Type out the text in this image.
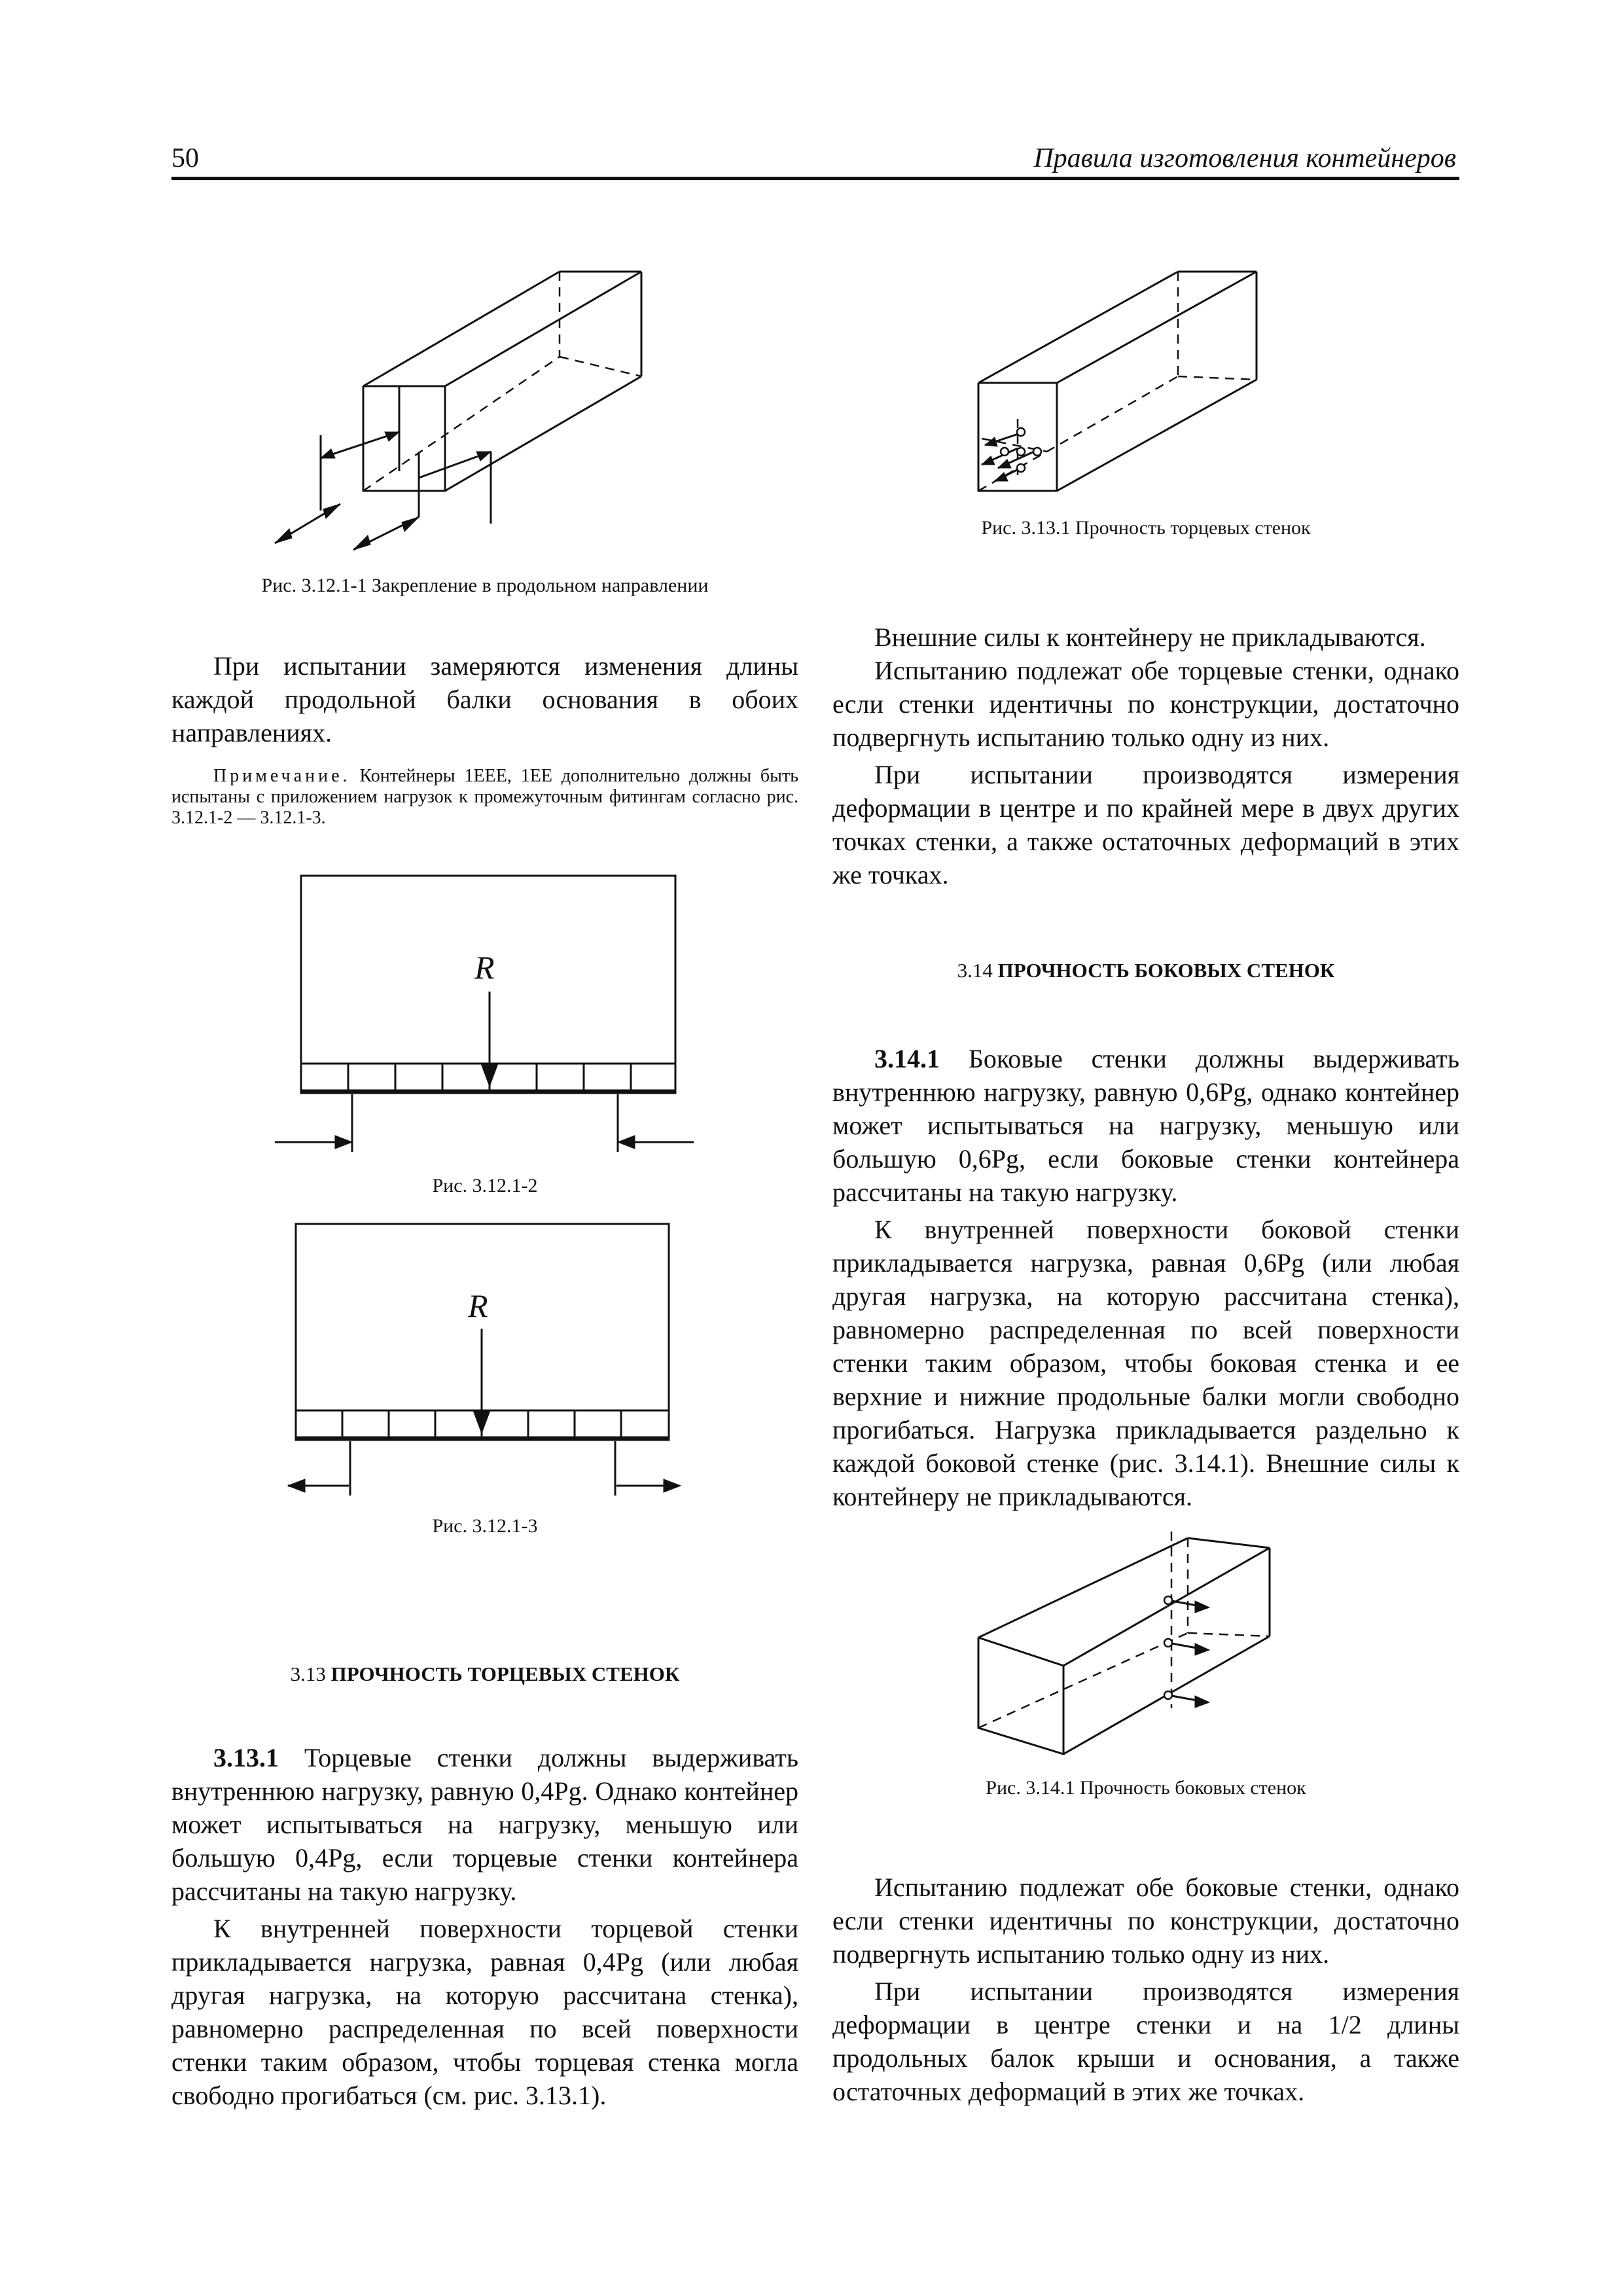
50	Правила изготовления контейнеров
Рис. 3.12.1-1 Закрепление в продольном направлении
Рис. 3.13.1 Прочность торцевых стенок

При испытании замеряются изменения длины каждой продольной балки основания в обоих направлениях.

Примечание. Контейнеры 1ЕЕЕ, 1ЕЕ дополнительно должны быть испытаны с приложением нагрузок к промежуточным фитингам согласно рис. 3.12.1-2 — 3.12.1-3.
R
Рис. 3.12.1-2
R
Рис. 3.12.1-3
3.13 ПРОЧНОСТЬ ТОРЦЕВЫХ СТЕНОК

3.13.1 Торцевые стенки должны выдерживать внутреннюю нагрузку, равную 0,4Pg. Однако контейнер может испытываться на нагрузку, меньшую или большую 0,4Pg, если торцевые стенки контейнера рассчитаны на такую нагрузку.

К внутренней поверхности торцевой стенки прикладывается нагрузка, равная 0,4Pg (или любая другая нагрузка, на которую рассчитана стенка), равномерно распределенная по всей поверхности стенки таким образом, чтобы торцевая стенка могла свободно прогибаться (см. рис. 3.13.1).

Внешние силы к контейнеру не прикладываются.

Испытанию подлежат обе торцевые стенки, однако если стенки идентичны по конструкции, достаточно подвергнуть испытанию только одну из них.

При испытании производятся измерения деформации в центре и по крайней мере в двух других точках стенки, а также остаточных деформаций в этих же точках.

3.14 ПРОЧНОСТЬ БОКОВЫХ СТЕНОК

3.14.1 Боковые стенки должны выдерживать внутреннюю нагрузку, равную 0,6Pg, однако контейнер может испытываться на нагрузку, меньшую или большую 0,6Pg, если боковые стенки контейнера рассчитаны на такую нагрузку.

К внутренней поверхности боковой стенки прикладывается нагрузка, равная 0,6Pg (или любая другая нагрузка, на которую рассчитана стенка), равномерно распределенная по всей поверхности стенки таким образом, чтобы боковая стенка и ее верхние и нижние продольные балки могли свободно прогибаться. Нагрузка прикладывается раздельно к каждой боковой стенке (рис. 3.14.1). Внешние силы к контейнеру не прикладываются.

Рис. 3.14.1 Прочность боковых стенок

Испытанию подлежат обе боковые стенки, однако если стенки идентичны по конструкции, достаточно подвергнуть испытанию только одну из них.

При испытании производятся измерения деформации в центре стенки и на 1/2 длины продольных балок крыши и основания, а также остаточных деформаций в этих же точках.
